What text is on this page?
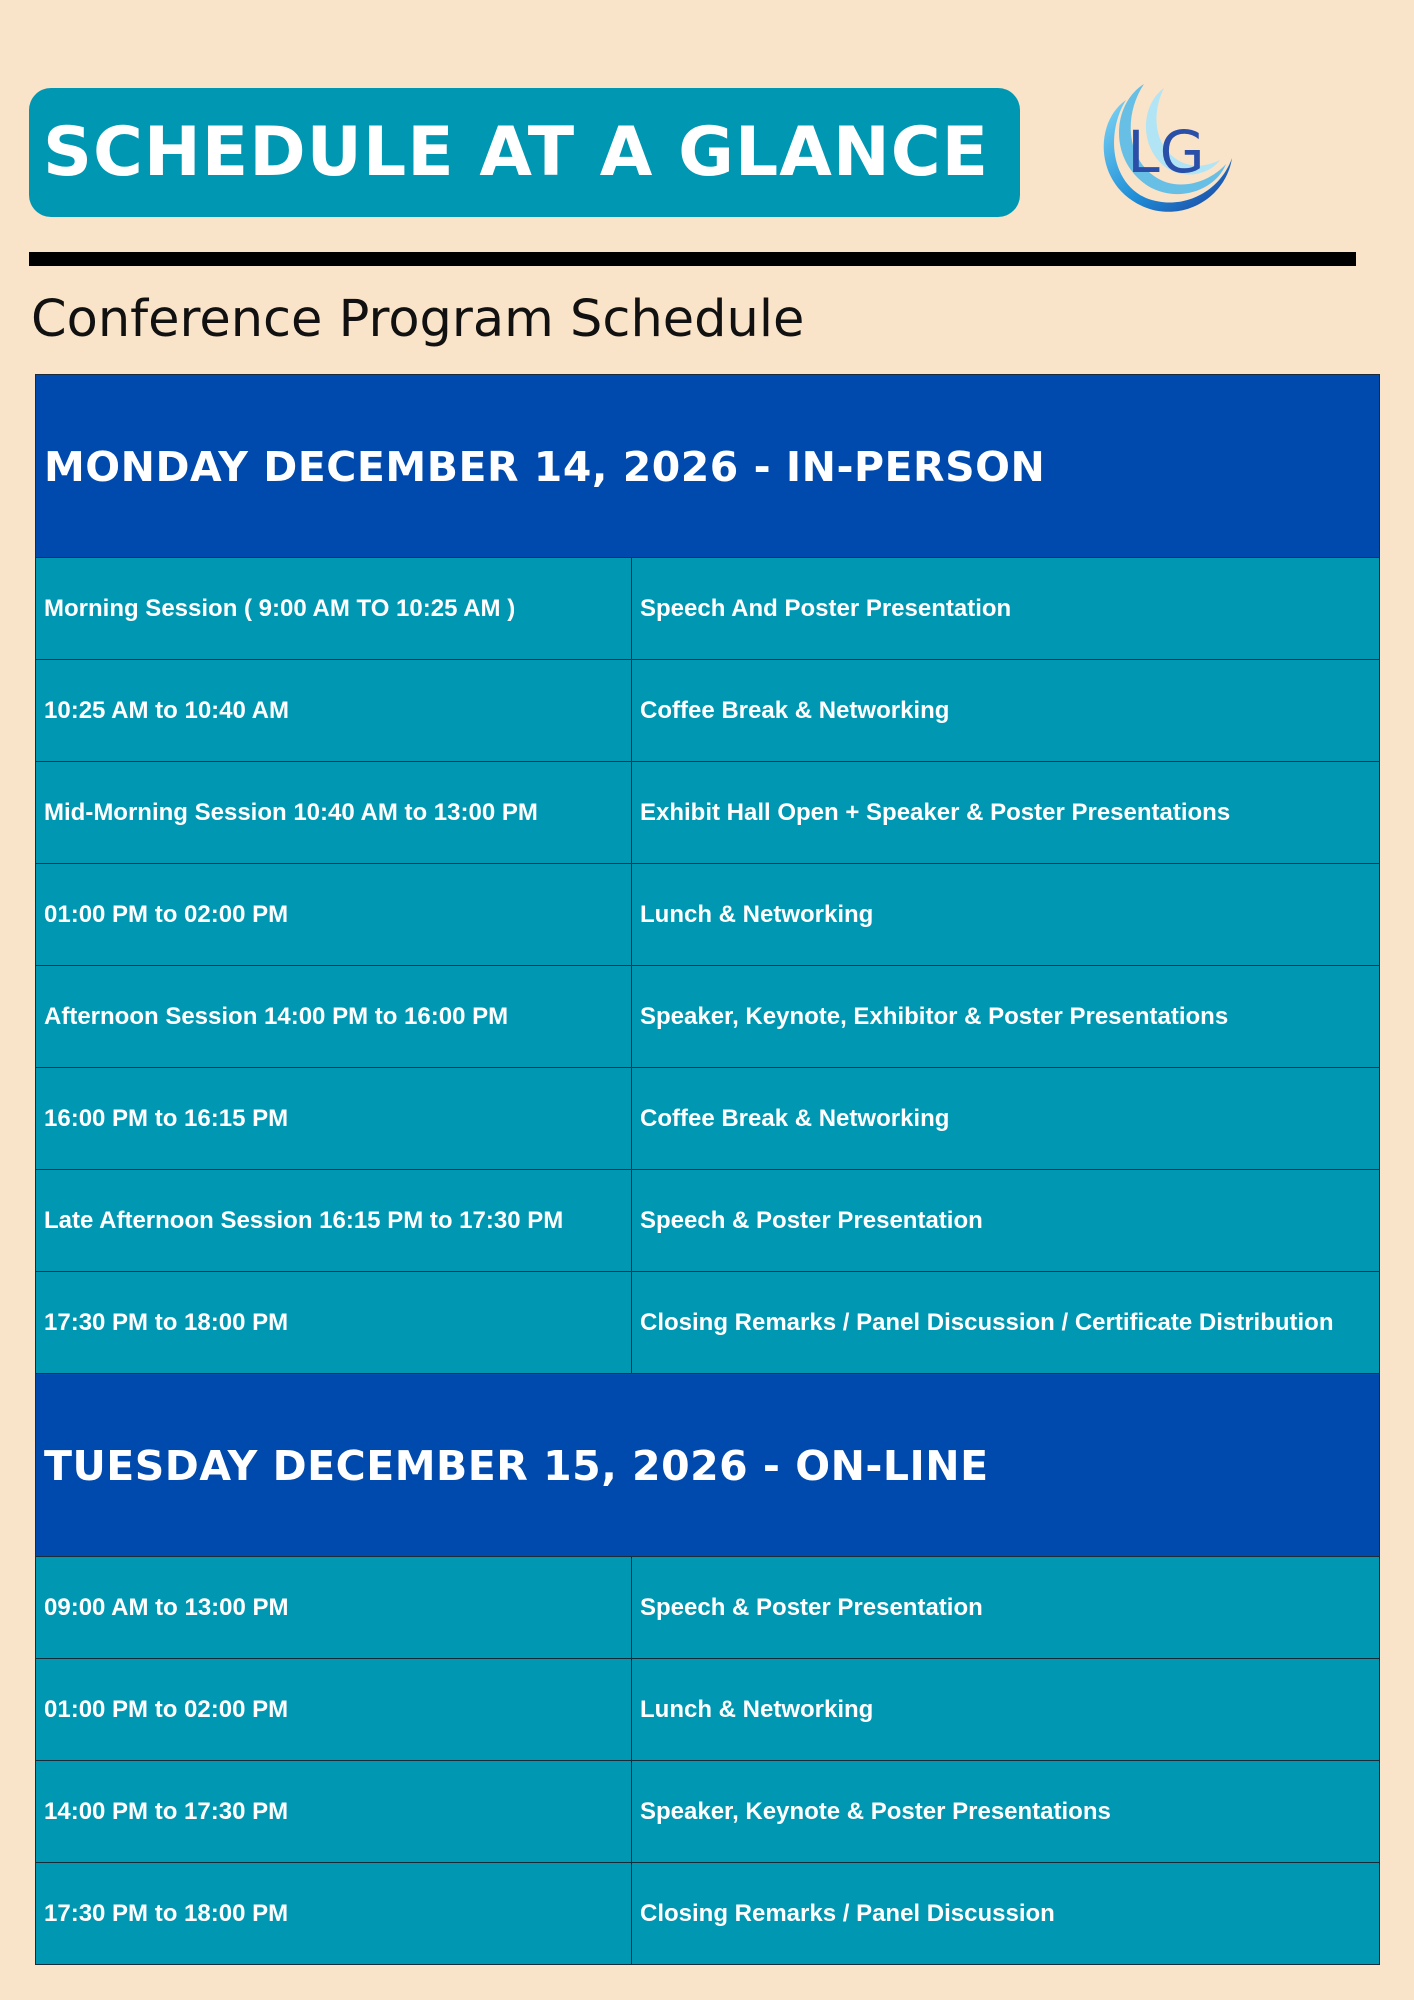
SCHEDULE AT A GLANCE LG
Conference Program Schedule
MONDAY DECEMBER 14, 2026 - IN-PERSON	
Morning Session ( 9:00 AM TO 10:25 AM )	Speech And Poster Presentation
10:25 AM to 10:40 AM	Coffee Break & Networking
Mid-Morning Session 10:40 AM to 13:00 PM	Exhibit Hall Open + Speaker & Poster Presentations
01:00 PM to 02:00 PM	Lunch & Networking
Afternoon Session 14:00 PM to 16:00 PM	Speaker, Keynote, Exhibitor & Poster Presentations
16:00 PM to 16:15 PM	Coffee Break & Networking
Late Afternoon Session 16:15 PM to 17:30 PM	Speech & Poster Presentation
17:30 PM to 18:00 PM	Closing Remarks / Panel Discussion / Certificate Distribution
TUESDAY DECEMBER 15, 2026 - ON-LINE	
09:00 AM to 13:00 PM	Speech & Poster Presentation
01:00 PM to 02:00 PM	Lunch & Networking
14:00 PM to 17:30 PM	Speaker, Keynote & Poster Presentations
17:30 PM to 18:00 PM	Closing Remarks / Panel Discussion
